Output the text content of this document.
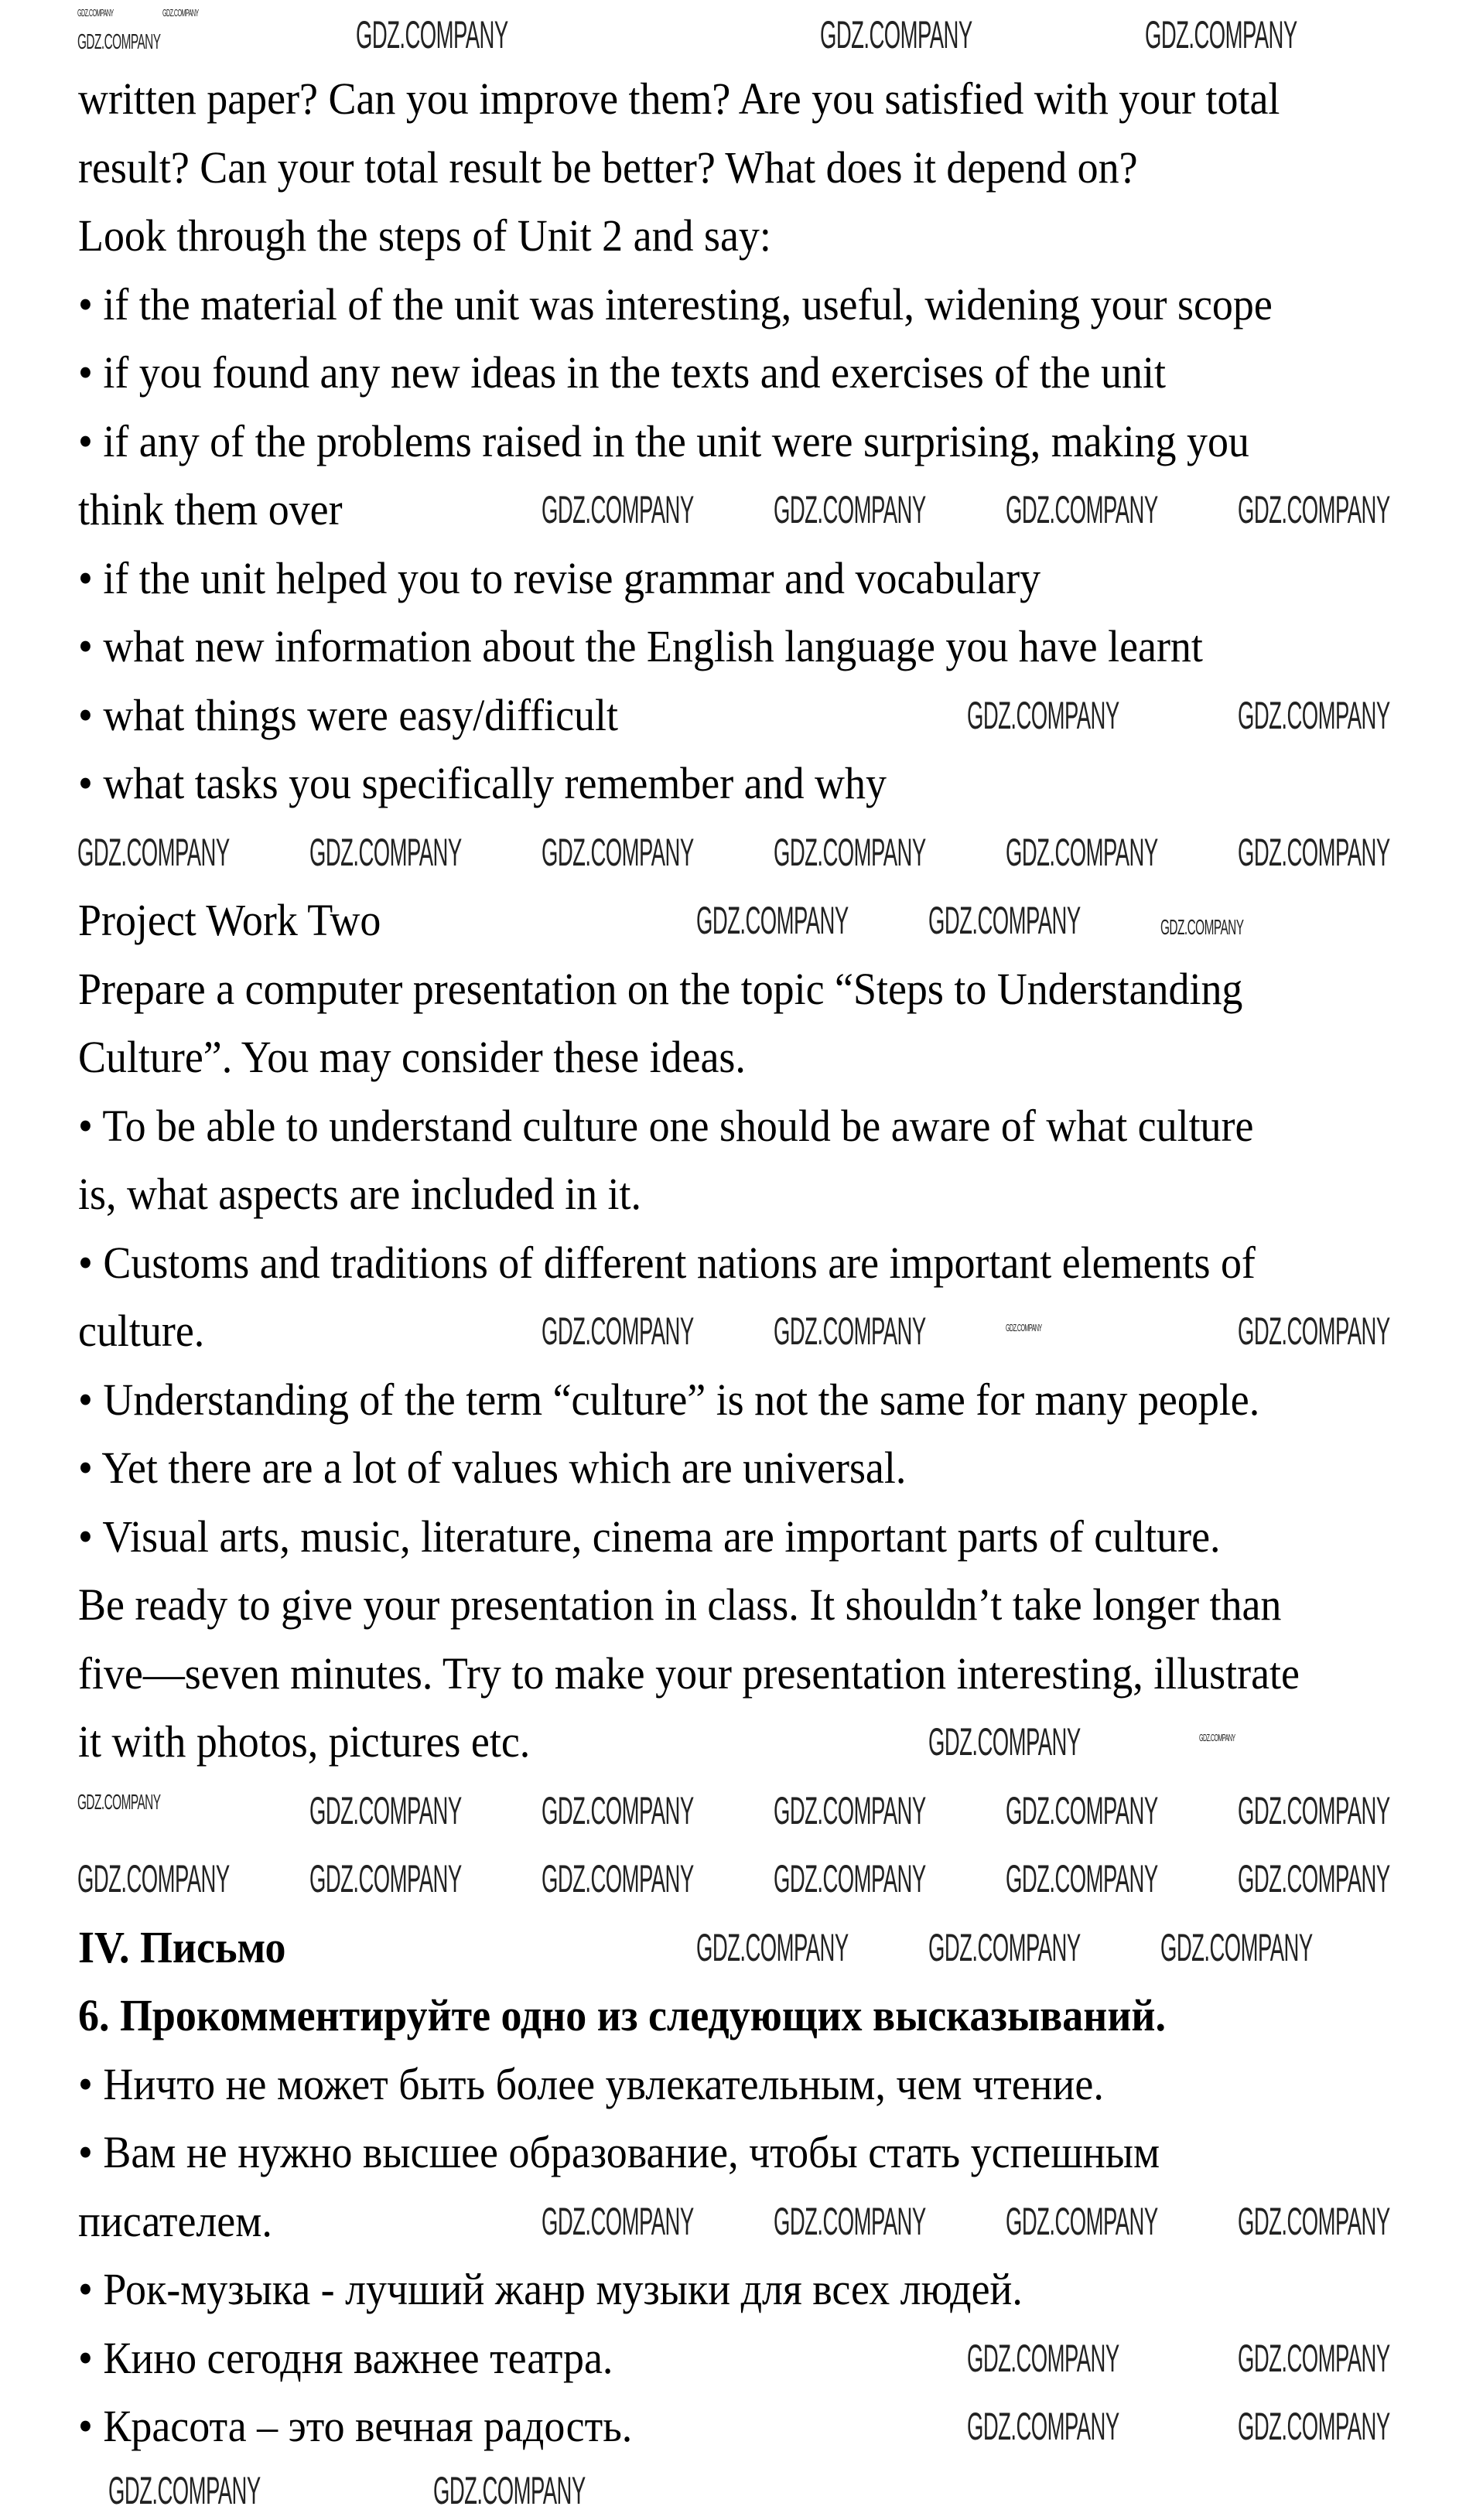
written paper? Can you improve them? Are you satisfied with your total
result? Can your total result be better? What does it depend on?
Look through the steps of Unit 2 and say:
• if the material of the unit was interesting, useful, widening your scope
• if you found any new ideas in the texts and exercises of the unit
• if any of the problems raised in the unit were surprising, making you
think them over
• if the unit helped you to revise grammar and vocabulary
• what new information about the English language you have learnt
• what things were easy/difficult
• what tasks you specifically remember and why
Project Work Two
Prepare a computer presentation on the topic “Steps to Understanding
Culture”. You may consider these ideas.
• To be able to understand culture one should be aware of what culture
is, what aspects are included in it.
• Customs and traditions of different nations are important elements of
culture.
• Understanding of the term “culture” is not the same for many people.
• Yet there are a lot of values which are universal.
• Visual arts, music, literature, cinema are important parts of culture.
Be ready to give your presentation in class. It shouldn’t take longer than
five—seven minutes. Try to make your presentation interesting, illustrate
it with photos, pictures etc.
IV. Письмо
6. Прокомментируйте одно из следующих высказываний.
• Ничто не может быть более увлекательным, чем чтение.
• Вам не нужно высшее образование, чтобы стать успешным
писателем.
• Рок-музыка - лучший жанр музыки для всех людей.
• Кино сегодня важнее театра.
• Красота – это вечная радость.
GDZ.COMPANY	GDZ.COMPANY
GDZ.COMPANY	GDZ.COMPANY	GDZ.COMPANY	GDZ.COMPANY
GDZ.COMPANY GDZ.COMPANY GDZ.COMPANY GDZ.COMPANY
GDZ.COMPANY	GDZ.COMPANY
GDZ.COMPANY GDZ.COMPANY GDZ.COMPANY GDZ.COMPANY GDZ.COMPANY GDZ.COMPANY
GDZ.COMPANY GDZ.COMPANY	GDZ.COMPANY
GDZ.COMPANY GDZ.COMPANY	GDZ.COMPANY	GDZ.COMPANY
GDZ.COMPANY	GDZ.COMPANY
GDZ.COMPANY	GDZ.COMPANY GDZ.COMPANY GDZ.COMPANY GDZ.COMPANY GDZ.COMPANY
GDZ.COMPANY GDZ.COMPANY GDZ.COMPANY GDZ.COMPANY GDZ.COMPANY GDZ.COMPANY
GDZ.COMPANY GDZ.COMPANY GDZ.COMPANY
GDZ.COMPANY GDZ.COMPANY GDZ.COMPANY GDZ.COMPANY
GDZ.COMPANY	GDZ.COMPANY
GDZ.COMPANY	GDZ.COMPANY
GDZ.COMPANY	GDZ.COMPANY
